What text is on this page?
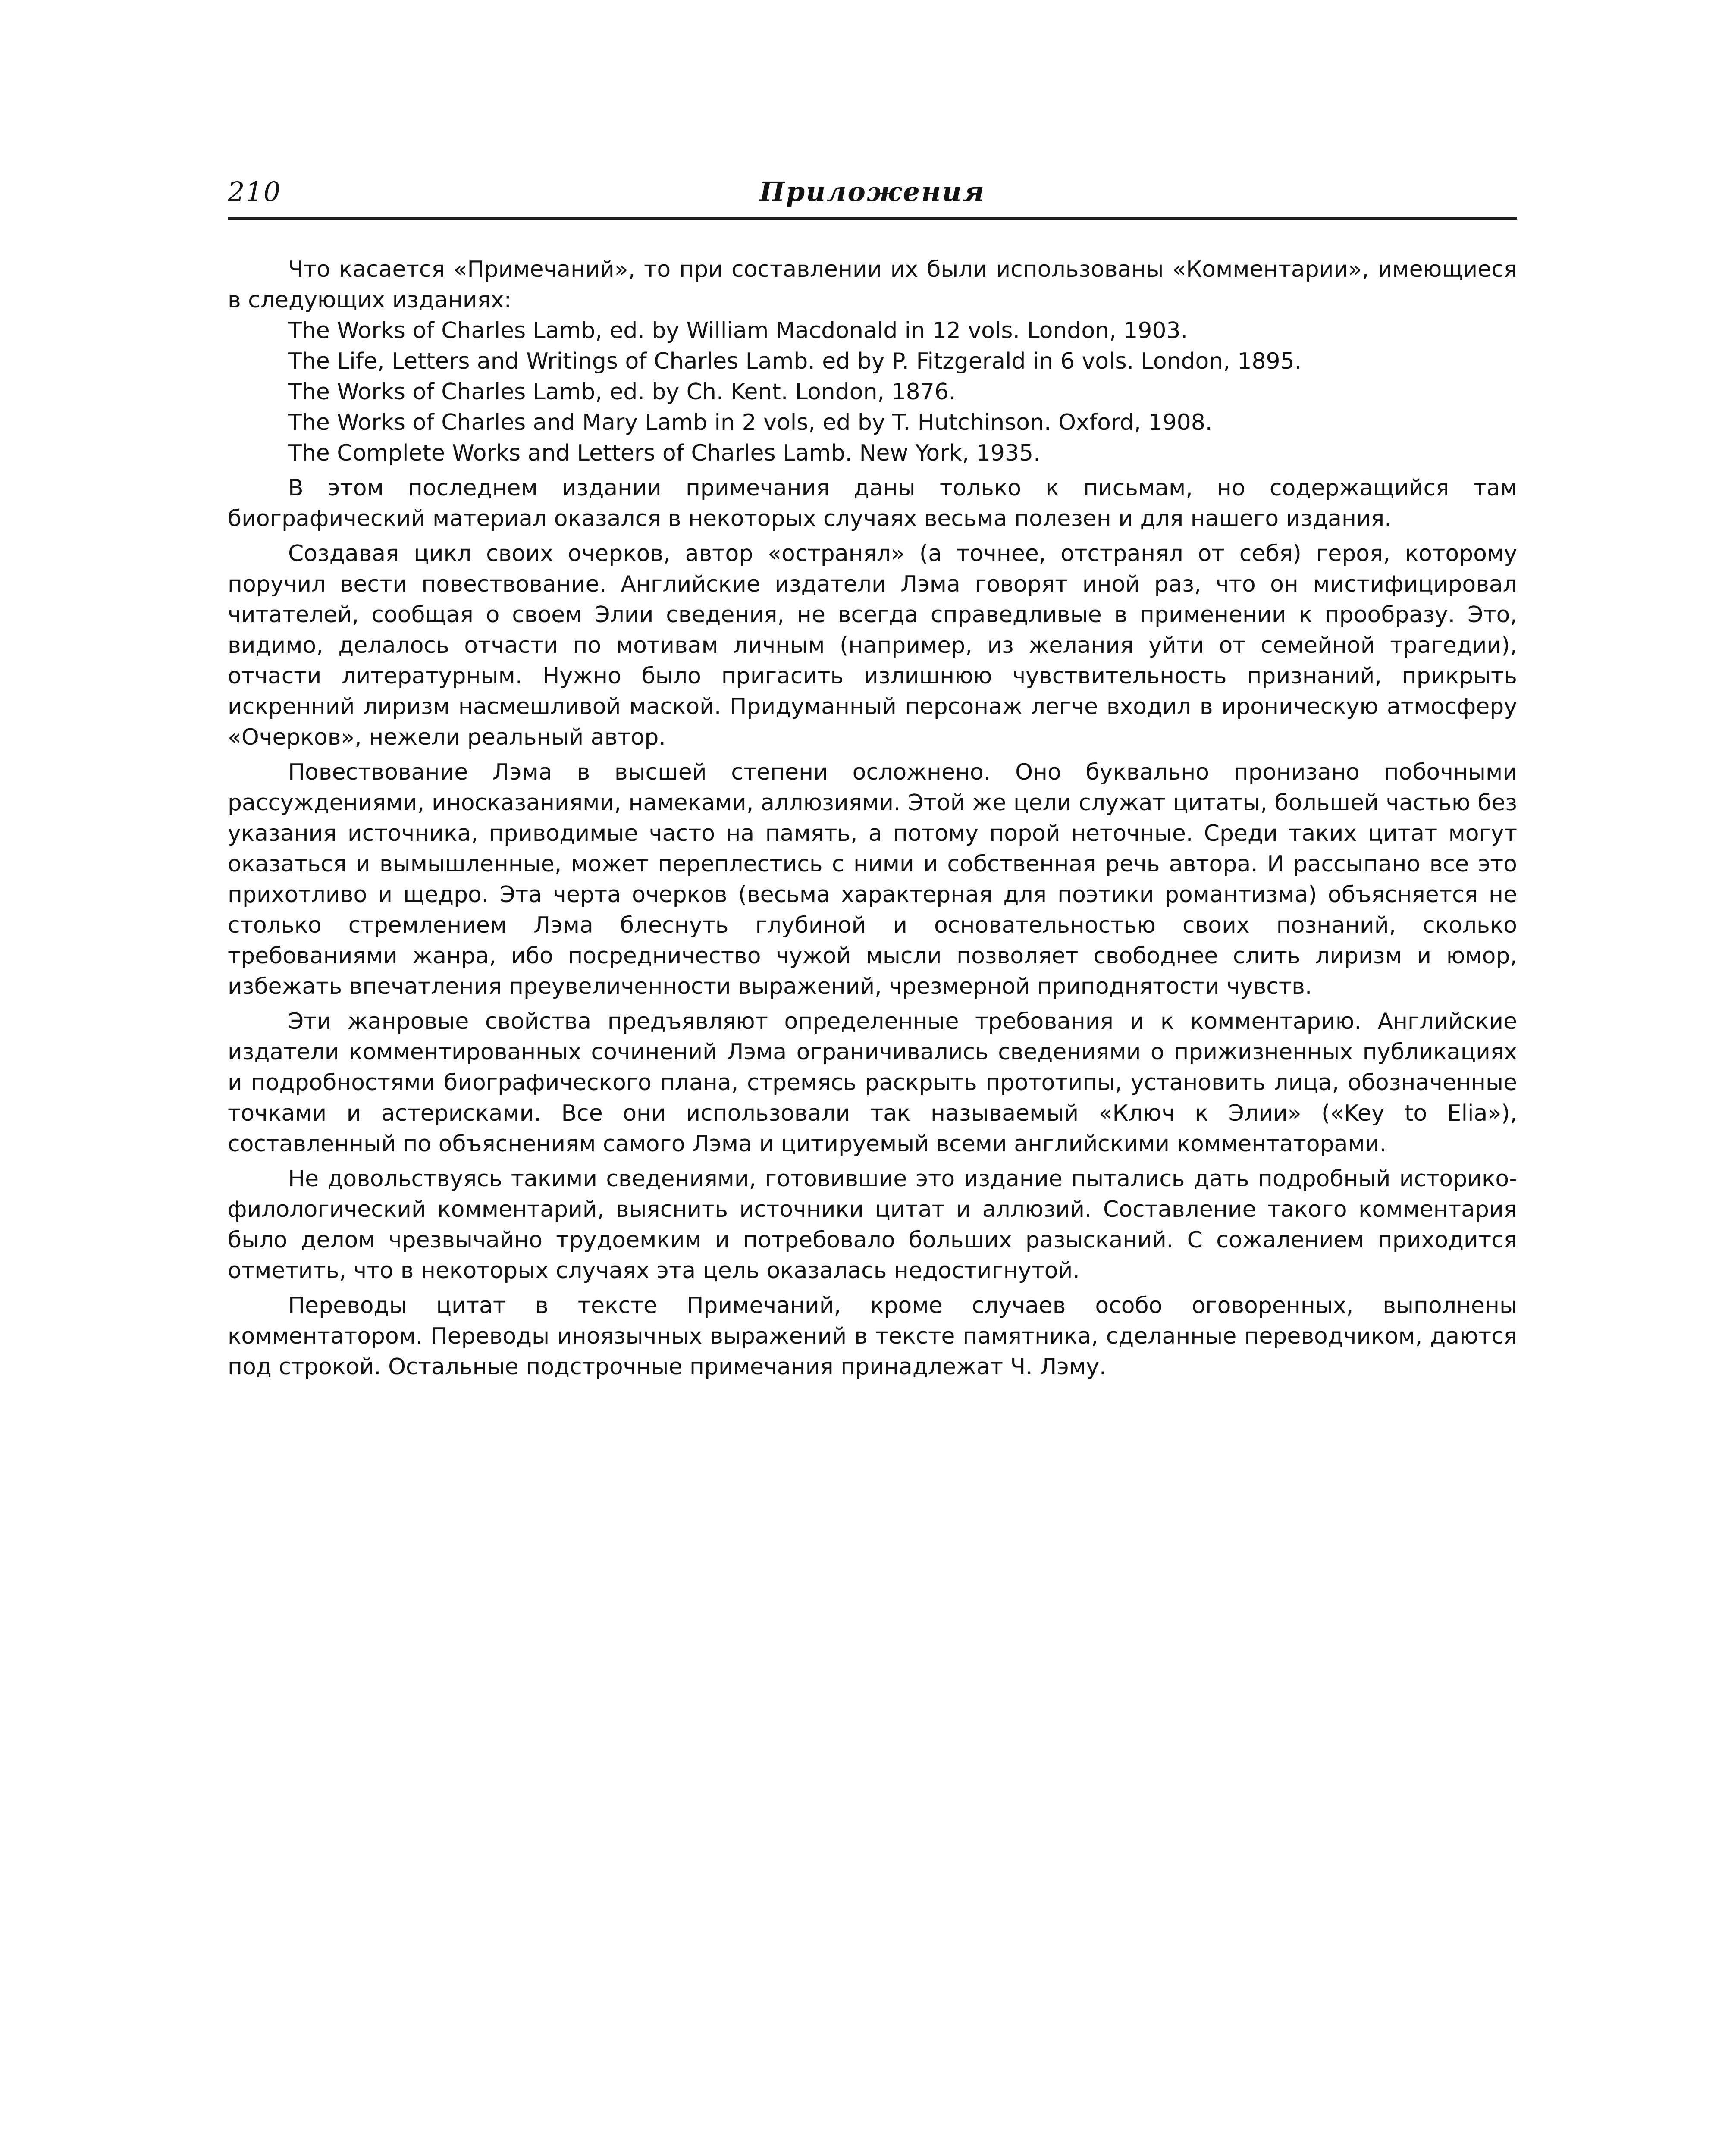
210	Приложения

Что касается «Примечаний», то при составлении их были использованы «Комментарии», имеющиеся в следующих изданиях:

The Works of Charles Lamb, ed. by William Macdonald in 12 vols. London, 1903.

The Life, Letters and Writings of Charles Lamb. ed by P. Fitzgerald in 6 vols. London, 1895.

The Works of Charles Lamb, ed. by Ch. Kent. London, 1876.

The Works of Charles and Mary Lamb in 2 vols, ed by T. Hutchinson. Oxford, 1908.

The Complete Works and Letters of Charles Lamb. New York, 1935.

В этом последнем издании примечания даны только к письмам, но содержащийся там биографический материал оказался в некоторых случаях весьма полезен и для нашего издания.

Создавая цикл своих очерков, автор «остранял» (а точнее, отстранял от себя) героя, которому поручил вести повествование. Английские издатели Лэма говорят иной раз, что он мистифицировал читателей, сообщая о своем Элии сведения, не всегда справедливые в применении к прообразу. Это, видимо, делалось отчасти по мотивам личным (например, из желания уйти от семейной трагедии), отчасти литературным. Нужно было пригасить излишнюю чувствительность признаний, прикрыть искренний лиризм насмешливой маской. Придуманный персонаж легче входил в ироническую атмосферу «Очерков», нежели реальный автор.

Повествование Лэма в высшей степени осложнено. Оно буквально пронизано побочными рассуждениями, иносказаниями, намеками, аллюзиями. Этой же цели служат цитаты, большей частью без указания источника, приводимые часто на память, а потому порой неточные. Среди таких цитат могут оказаться и вымышленные, может переплестись с ними и собственная речь автора. И рассыпано все это прихотливо и щедро. Эта черта очерков (весьма характерная для поэтики романтизма) объясняется не столько стремлением Лэма блеснуть глубиной и основательностью своих познаний, сколько требованиями жанра, ибо посредничество чужой мысли позволяет свободнее слить лиризм и юмор, избежать впечатления преувеличенности выражений, чрезмерной приподнятости чувств.

Эти жанровые свойства предъявляют определенные требования и к комментарию. Английские издатели комментированных сочинений Лэма ограничивались сведениями о прижизненных публикациях и подробностями биографического плана, стремясь раскрыть прототипы, установить лица, обозначенные точками и астерисками. Все они использовали так называемый «Ключ к Элии» («Key to Elia»), составленный по объяснениям самого Лэма и цитируемый всеми английскими комментаторами.

Не довольствуясь такими сведениями, готовившие это издание пытались дать подробный историко-филологический комментарий, выяснить источники цитат и аллюзий. Составление такого комментария было делом чрезвычайно трудоемким и потребовало больших разысканий. С сожалением приходится отметить, что в некоторых случаях эта цель оказалась недостигнутой.

Переводы цитат в тексте Примечаний, кроме случаев особо оговоренных, выполнены комментатором. Переводы иноязычных выражений в тексте памятника, сделанные переводчиком, даются под строкой. Остальные подстрочные примечания принадлежат Ч. Лэму.
